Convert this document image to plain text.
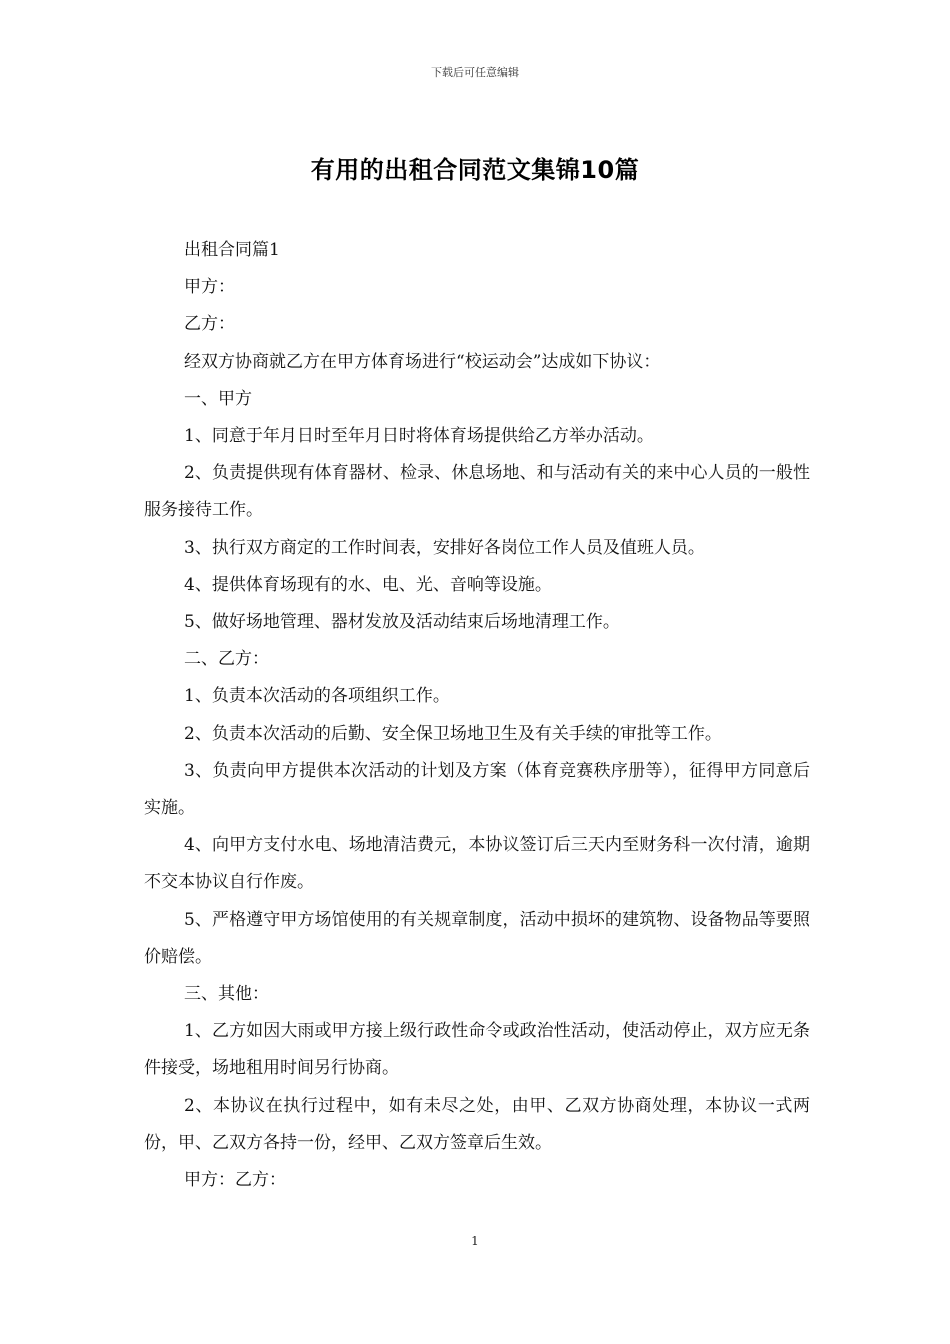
下载后可任意编辑
有用的出租合同范文集锦10篇

出租合同篇1

甲方：

乙方：

经双方协商就乙方在甲方体育场进行“校运动会”达成如下协议：

一、甲方

1、同意于年月日时至年月日时将体育场提供给乙方举办活动。

2、负责提供现有体育器材、检录、休息场地、和与活动有关的来中心人员的一般性服务接待工作。

3、执行双方商定的工作时间表，安排好各岗位工作人员及值班人员。

4、提供体育场现有的水、电、光、音响等设施。

5、做好场地管理、器材发放及活动结束后场地清理工作。

二、乙方：

1、负责本次活动的各项组织工作。

2、负责本次活动的后勤、安全保卫场地卫生及有关手续的审批等工作。

3、负责向甲方提供本次活动的计划及方案（体育竞赛秩序册等），征得甲方同意后实施。

4、向甲方支付水电、场地清洁费元，本协议签订后三天内至财务科一次付清，逾期不交本协议自行作废。

5、严格遵守甲方场馆使用的有关规章制度，活动中损坏的建筑物、设备物品等要照价赔偿。

三、其他：

1、乙方如因大雨或甲方接上级行政性命令或政治性活动，使活动停止，双方应无条件接受，场地租用时间另行协商。

2、本协议在执行过程中，如有未尽之处，由甲、乙双方协商处理，本协议一式两份，甲、乙双方各持一份，经甲、乙双方签章后生效。

甲方：乙方：

1
